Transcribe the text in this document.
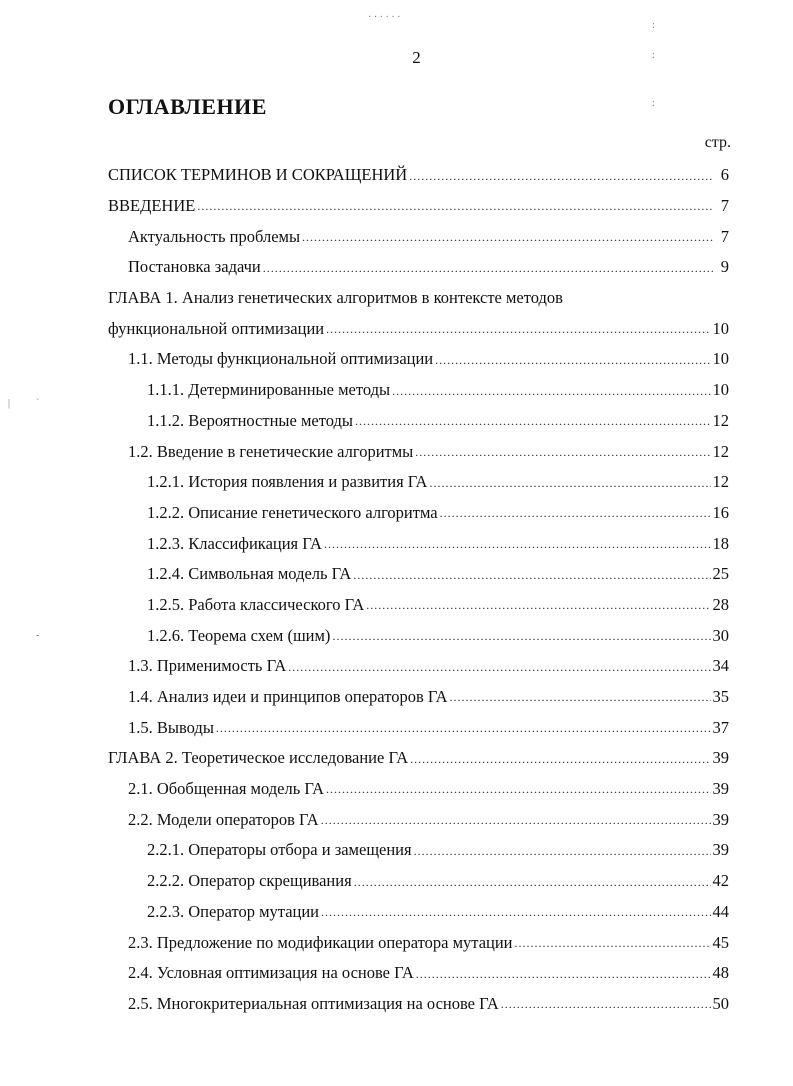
· · · · · ·
:
:
:
|	`
-
2
ОГЛАВЛЕНИЕ
стр.
СПИСОК ТЕРМИНОВ И СОКРАЩЕНИЙ .....	6
ВВЕДЕНИЕ .....	7
Актуальность проблемы .....	7
Постановка задачи .....	9
ГЛАВА 1. Анализ генетических алгоритмов в контексте методов
функциональной оптимизации .....	10
1.1. Методы функциональной оптимизации .....	10
1.1.1. Детерминированные методы .....	10
1.1.2. Вероятностные методы .....	12
1.2. Введение в генетические алгоритмы .....	12
1.2.1. История появления и развития ГА .....	12
1.2.2. Описание генетического алгоритма .....	16
1.2.3. Классификация ГА .....	18
1.2.4. Символьная модель ГА .....	25
1.2.5. Работа классического ГА .....	28
1.2.6. Теорема схем (шим) .....	30
1.3. Применимость ГА .....	34
1.4. Анализ идеи и принципов операторов ГА .....	35
1.5. Выводы .....	37
ГЛАВА 2. Теоретическое исследование ГА .....	39
2.1. Обобщенная модель ГА .....	39
2.2. Модели операторов ГА .....	39
2.2.1. Операторы отбора и замещения .....	39
2.2.2. Оператор скрещивания .....	42
2.2.3. Оператор мутации .....	44
2.3. Предложение по модификации оператора мутации .....	45
2.4. Условная оптимизация на основе ГА .....	48
2.5. Многокритериальная оптимизация на основе ГА .....	50
